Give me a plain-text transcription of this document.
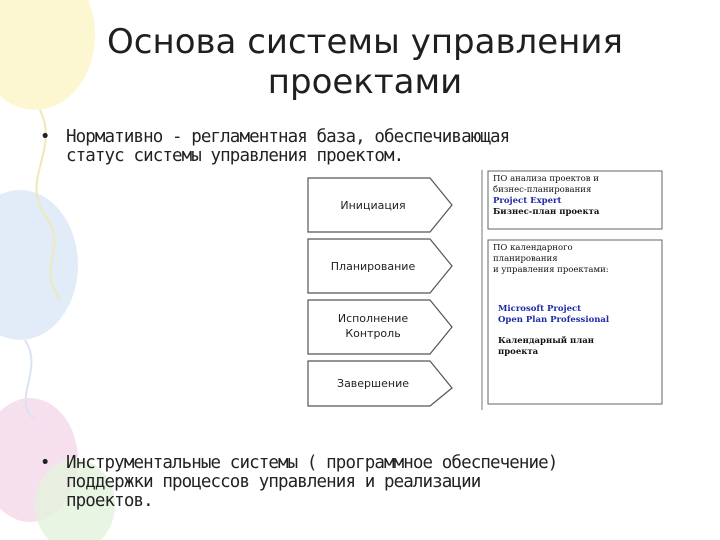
Основа системы управления
проектами
• Нормативно - регламентная база, обеспечивающая
статус системы управления проектом.
Инициация
Планирование
Исполнение
Контроль
Завершение
ПО анализа проектов и
бизнес-планирования
Project Expert
Бизнес-план проекта
ПО календарного
планирования
и управления проектами:
Microsoft Project
Open Plan Professional
Календарный план
проекта
• Инструментальные системы ( программное обеспечение)
поддержки процессов управления и реализации
проектов.
